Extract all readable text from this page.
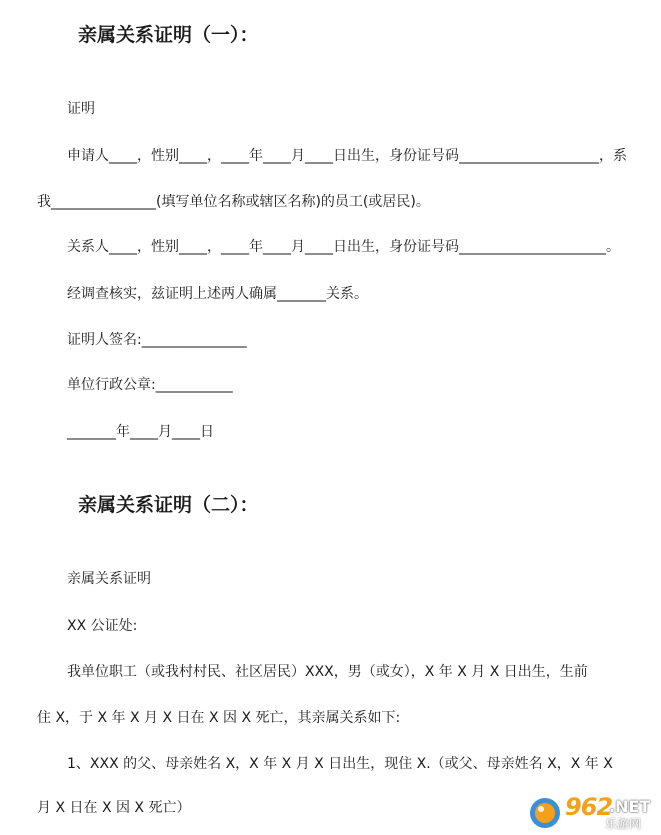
亲属关系证明（一）：
证明
申请人____，性别____，____年____月____日出生，身份证号码____________________，系
我_______________(填写单位名称或辖区名称)的员工(或居民)。
关系人____，性别____，____年____月____日出生，身份证号码_____________________。
经调查核实，兹证明上述两人确属_______关系。
证明人签名:_______________
单位行政公章:___________
_______年____月____日
亲属关系证明（二）：
亲属关系证明
XX 公证处:
我单位职工（或我村村民、社区居民）XXX，男（或女），X 年 X 月 X 日出生，生前
住 X，于 X 年 X 月 X 日在 X 因 X 死亡，其亲属关系如下:
1、XXX 的父、母亲姓名 X，X 年 X 月 X 日出生，现住 X.（或父、母亲姓名 X，X 年 X
月 X 日在 X 因 X 死亡）	962
.NET
乐游网
